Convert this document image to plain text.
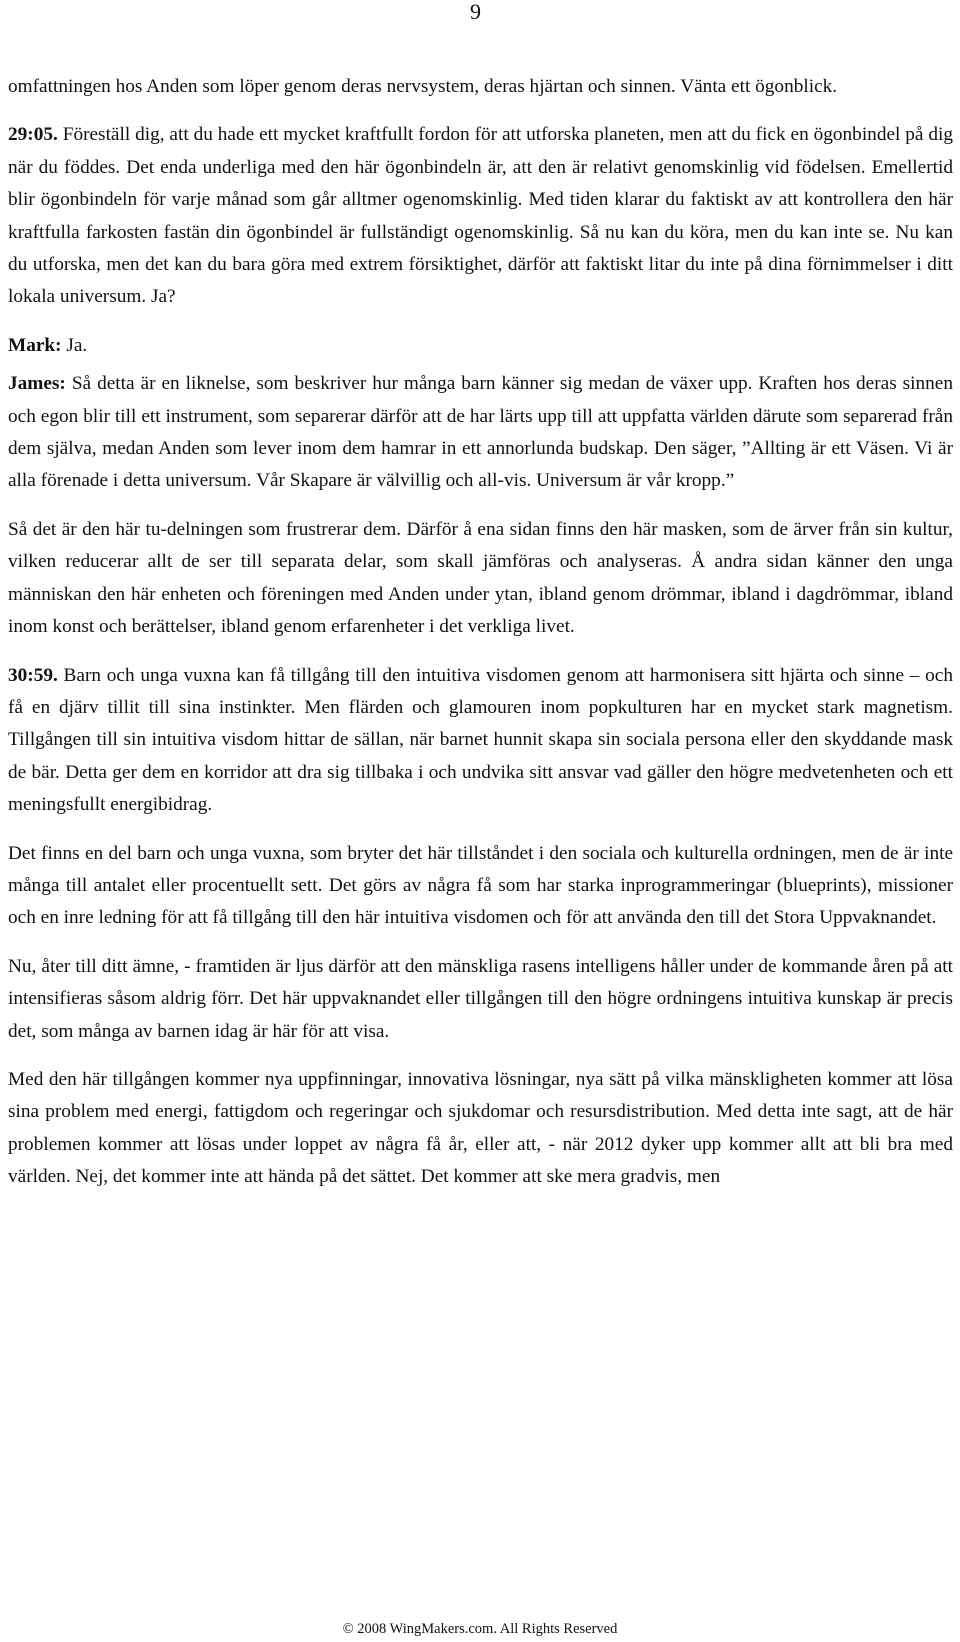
9

omfattningen hos Anden som löper genom deras nervsystem, deras hjärtan och sinnen. Vänta ett ögonblick.

29:05. Föreställ dig, att du hade ett mycket kraftfullt fordon för att utforska planeten, men att du fick en ögonbindel på dig när du föddes. Det enda underliga med den här ögonbindeln är, att den är relativt genomskinlig vid födelsen. Emellertid blir ögonbindeln för varje månad som går alltmer ogenomskinlig. Med tiden klarar du faktiskt av att kontrollera den här kraftfulla farkosten fastän din ögonbindel är fullständigt ogenomskinlig. Så nu kan du köra, men du kan inte se. Nu kan du utforska, men det kan du bara göra med extrem försiktighet, därför att faktiskt litar du inte på dina förnimmelser i ditt lokala universum. Ja?

Mark: Ja.

James: Så detta är en liknelse, som beskriver hur många barn känner sig medan de växer upp. Kraften hos deras sinnen och egon blir till ett instrument, som separerar därför att de har lärts upp till att uppfatta världen därute som separerad från dem själva, medan Anden som lever inom dem hamrar in ett annorlunda budskap. Den säger, ”Allting är ett Väsen. Vi är alla förenade i detta universum. Vår Skapare är välvillig och all-vis. Universum är vår kropp.”

Så det är den här tu-delningen som frustrerar dem. Därför å ena sidan finns den här masken, som de ärver från sin kultur, vilken reducerar allt de ser till separata delar, som skall jämföras och analyseras. Å andra sidan känner den unga människan den här enheten och föreningen med Anden under ytan, ibland genom drömmar, ibland i dagdrömmar, ibland inom konst och berättelser, ibland genom erfarenheter i det verkliga livet.

30:59. Barn och unga vuxna kan få tillgång till den intuitiva visdomen genom att harmonisera sitt hjärta och sinne – och få en djärv tillit till sina instinkter. Men flärden och glamouren inom popkulturen har en mycket stark magnetism. Tillgången till sin intuitiva visdom hittar de sällan, när barnet hunnit skapa sin sociala persona eller den skyddande mask de bär. Detta ger dem en korridor att dra sig tillbaka i och undvika sitt ansvar vad gäller den högre medvetenheten och ett meningsfullt energibidrag.

Det finns en del barn och unga vuxna, som bryter det här tillståndet i den sociala och kulturella ordningen, men de är inte många till antalet eller procentuellt sett. Det görs av några få som har starka inprogrammeringar (blueprints), missioner och en inre ledning för att få tillgång till den här intuitiva visdomen och för att använda den till det Stora Uppvaknandet.

Nu, åter till ditt ämne, - framtiden är ljus därför att den mänskliga rasens intelligens håller under de kommande åren på att intensifieras såsom aldrig förr. Det här uppvaknandet eller tillgången till den högre ordningens intuitiva kunskap är precis det, som många av barnen idag är här för att visa.

Med den här tillgången kommer nya uppfinningar, innovativa lösningar, nya sätt på vilka mänskligheten kommer att lösa sina problem med energi, fattigdom och regeringar och sjukdomar och resursdistribution. Med detta inte sagt, att de här problemen kommer att lösas under loppet av några få år, eller att, - när 2012 dyker upp kommer allt att bli bra med världen. Nej, det kommer inte att hända på det sättet. Det kommer att ske mera gradvis, men

© 2008 WingMakers.com. All Rights Reserved
